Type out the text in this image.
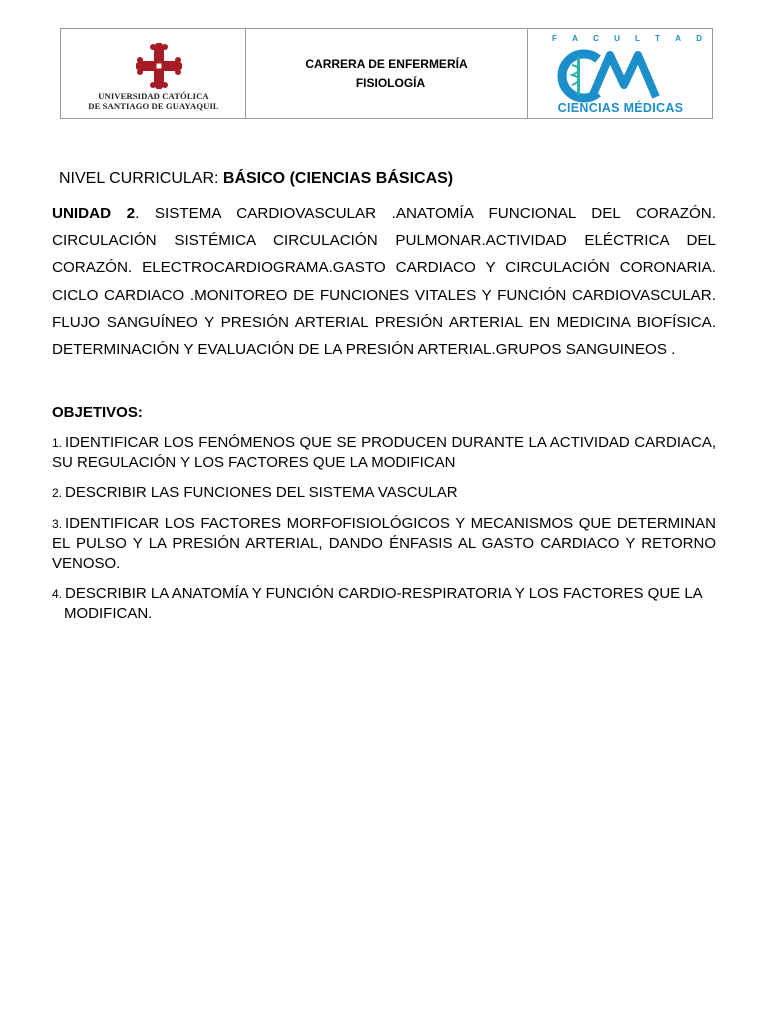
UNIVERSIDAD CATÓLICA
DE SANTIAGO DE GUAYAQUIL
CARRERA DE ENFERMERÍA
FISIOLOGÍA
F A C U L T A D
CIENCIAS MÉDICAS
NIVEL CURRICULAR: BÁSICO (CIENCIAS BÁSICAS)
UNIDAD 2. SISTEMA CARDIOVASCULAR .ANATOMÍA FUNCIONAL DEL CORAZÓN. CIRCULACIÓN SISTÉMICA CIRCULACIÓN PULMONAR.ACTIVIDAD ELÉCTRICA DEL CORAZÓN. ELECTROCARDIOGRAMA.GASTO CARDIACO Y CIRCULACIÓN CORONARIA. CICLO CARDIACO .MONITOREO DE FUNCIONES VITALES Y FUNCIÓN CARDIOVASCULAR. FLUJO SANGUÍNEO Y PRESIÓN ARTERIAL PRESIÓN ARTERIAL EN MEDICINA BIOFÍSICA. DETERMINACIÓN Y EVALUACIÓN DE LA PRESIÓN ARTERIAL.GRUPOS SANGUINEOS .
OBJETIVOS:
1. IDENTIFICAR LOS FENÓMENOS QUE SE PRODUCEN DURANTE LA ACTIVIDAD CARDIACA, SU REGULACIÓN Y LOS FACTORES QUE LA MODIFICAN
2. DESCRIBIR LAS FUNCIONES DEL SISTEMA VASCULAR
3. IDENTIFICAR LOS FACTORES MORFOFISIOLÓGICOS Y MECANISMOS QUE DETERMINAN EL PULSO Y LA PRESIÓN ARTERIAL, DANDO ÉNFASIS AL GASTO CARDIACO Y RETORNO VENOSO.
4. DESCRIBIR LA ANATOMÍA Y FUNCIÓN CARDIO-RESPIRATORIA Y LOS FACTORES QUE LA
MODIFICAN.
